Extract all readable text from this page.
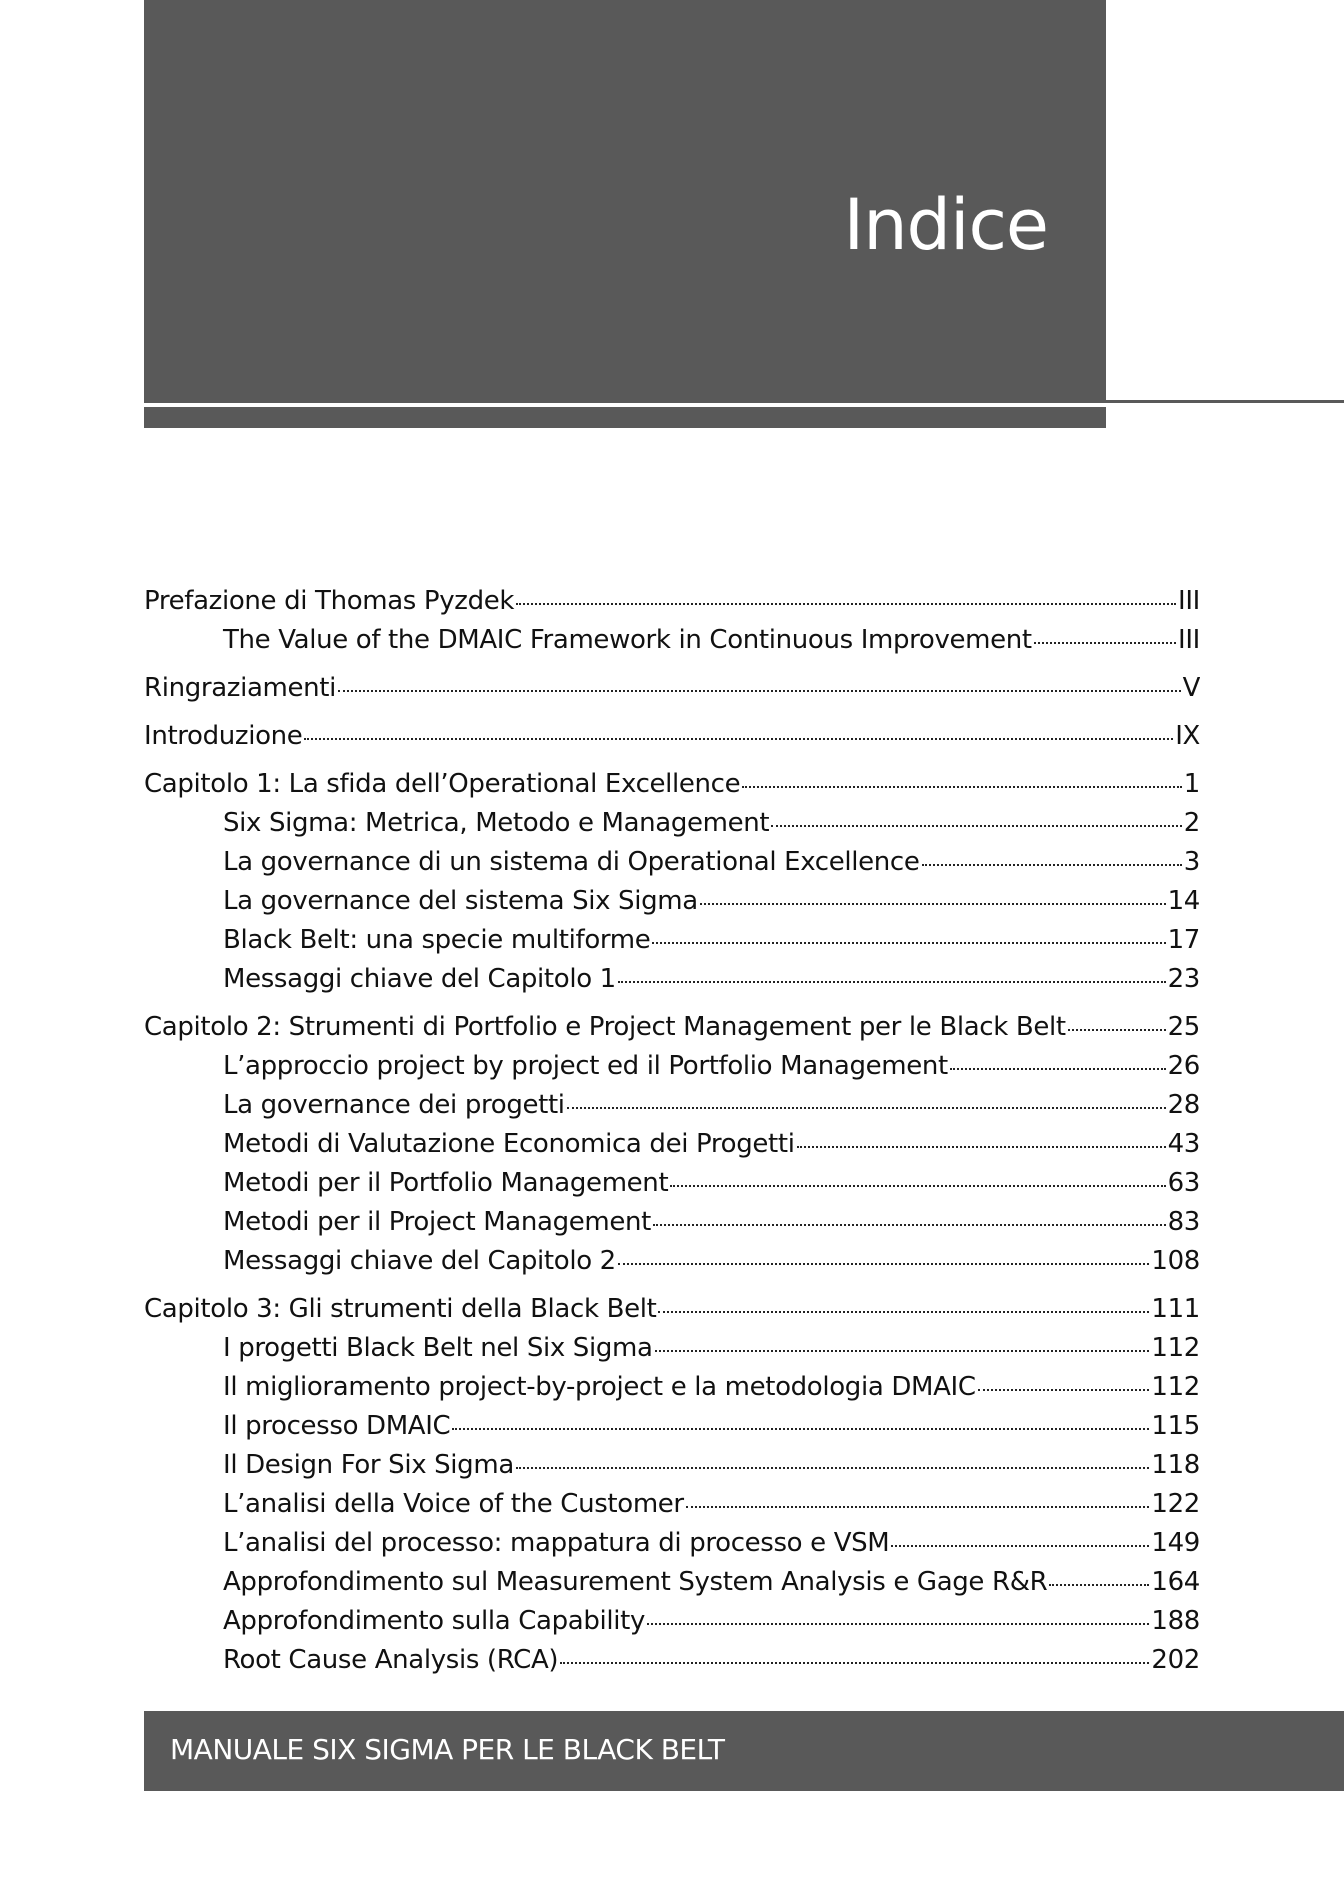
Indice
Prefazione di Thomas Pyzdek	III
The Value of the DMAIC Framework in Continuous Improvement	III
Ringraziamenti	V
Introduzione	IX
Capitolo 1: La sfida dell’Operational Excellence	1
Six Sigma: Metrica, Metodo e Management	2
La governance di un sistema di Operational Excellence	3
La governance del sistema Six Sigma	14
Black Belt: una specie multiforme	17
Messaggi chiave del Capitolo 1	23
Capitolo 2: Strumenti di Portfolio e Project Management per le Black Belt	25
L’approccio project by project ed il Portfolio Management	26
La governance dei progetti	28
Metodi di Valutazione Economica dei Progetti	43
Metodi per il Portfolio Management	63
Metodi per il Project Management	83
Messaggi chiave del Capitolo 2	108
Capitolo 3: Gli strumenti della Black Belt	111
I progetti Black Belt nel Six Sigma	112
Il miglioramento project-by-project e la metodologia DMAIC	112
Il processo DMAIC	115
Il Design For Six Sigma	118
L’analisi della Voice of the Customer	122
L’analisi del processo: mappatura di processo e VSM	149
Approfondimento sul Measurement System Analysis e Gage R&R	164
Approfondimento sulla Capability	188
Root Cause Analysis (RCA)	202
MANUALE SIX SIGMA PER LE BLACK BELT
